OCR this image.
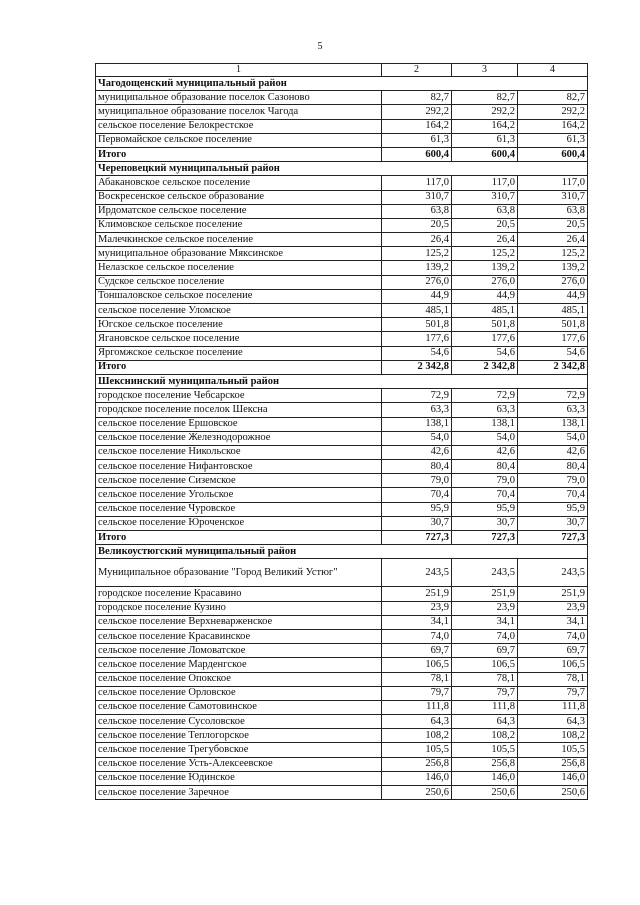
5
1	2	3	4
Чагодощенский муниципальный район			
муниципальное образование поселок Сазоново	82,7	82,7	82,7
муниципальное образование поселок Чагода	292,2	292,2	292,2
сельское поселение Белокрестское	164,2	164,2	164,2
Первомайское сельское поселение	61,3	61,3	61,3
Итого	600,4	600,4	600,4
Череповецкий муниципальный район			
Абакановское сельское поселение	117,0	117,0	117,0
Воскресенское сельское образование	310,7	310,7	310,7
Ирдоматское сельское поселение	63,8	63,8	63,8
Климовское сельское поселение	20,5	20,5	20,5
Малечкинское сельское поселение	26,4	26,4	26,4
муниципальное образование Мяксинское	125,2	125,2	125,2
Нелазское сельское поселение	139,2	139,2	139,2
Судское сельское поселение	276,0	276,0	276,0
Тоншаловское сельское поселение	44,9	44,9	44,9
сельское поселение Уломское	485,1	485,1	485,1
Югское сельское поселение	501,8	501,8	501,8
Ягановское сельское поселение	177,6	177,6	177,6
Яргомжское сельское поселение	54,6	54,6	54,6
Итого	2 342,8	2 342,8	2 342,8
Шекснинский муниципальный район			
городское поселение Чебсарское	72,9	72,9	72,9
городское поселение поселок Шексна	63,3	63,3	63,3
сельское поселение Ершовское	138,1	138,1	138,1
сельское поселение Железнодорожное	54,0	54,0	54,0
сельское поселение Никольское	42,6	42,6	42,6
сельское поселение Нифантовское	80,4	80,4	80,4
сельское поселение Сиземское	79,0	79,0	79,0
сельское поселение Угольское	70,4	70,4	70,4
сельское поселение Чуровское	95,9	95,9	95,9
сельское поселение Юроченское	30,7	30,7	30,7
Итого	727,3	727,3	727,3
Великоустюгский муниципальный район			
Муниципальное образование "Город Великий Устюг"	243,5	243,5	243,5
городское поселение Красавино	251,9	251,9	251,9
городское поселение Кузино	23,9	23,9	23,9
сельское поселение Верхневарженское	34,1	34,1	34,1
сельское поселение Красавинское	74,0	74,0	74,0
сельское поселение Ломоватское	69,7	69,7	69,7
сельское поселение Марденгское	106,5	106,5	106,5
сельское поселение Опокское	78,1	78,1	78,1
сельское поселение Орловское	79,7	79,7	79,7
сельское поселение Самотовинское	111,8	111,8	111,8
сельское поселение Сусоловское	64,3	64,3	64,3
сельское поселение Теплогорское	108,2	108,2	108,2
сельское поселение Трегубовское	105,5	105,5	105,5
сельское поселение Усть-Алексеевское	256,8	256,8	256,8
сельское поселение Юдинское	146,0	146,0	146,0
сельское поселение Заречное	250,6	250,6	250,6
